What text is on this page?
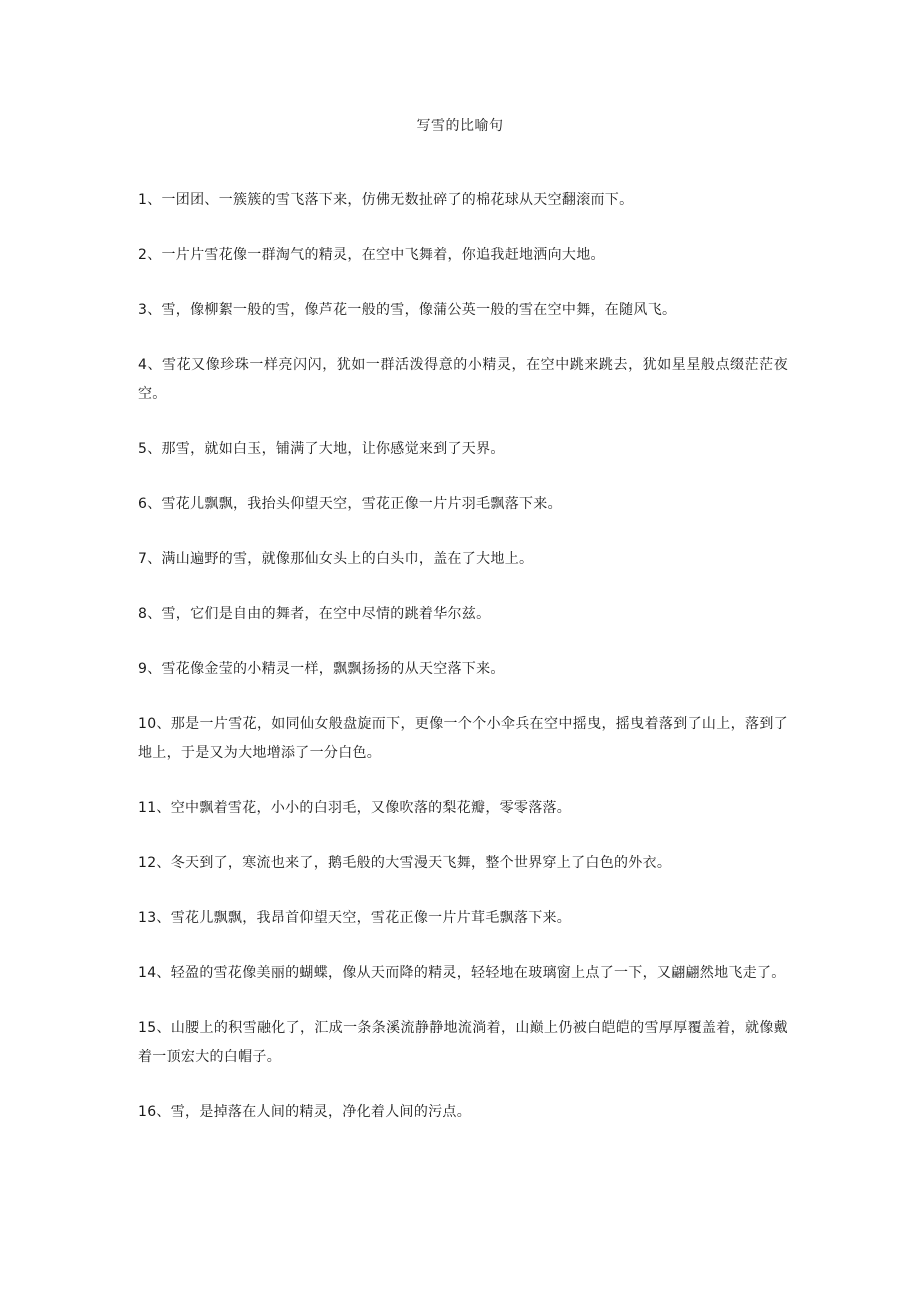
写雪的比喻句

1、一团团、一簇簇的雪飞落下来，仿佛无数扯碎了的棉花球从天空翻滚而下。

2、一片片雪花像一群淘气的精灵，在空中飞舞着，你追我赶地洒向大地。

3、雪，像柳絮一般的雪，像芦花一般的雪，像蒲公英一般的雪在空中舞，在随风飞。

4、雪花又像珍珠一样亮闪闪，犹如一群活泼得意的小精灵，在空中跳来跳去，犹如星星般点缀茫茫夜空。

5、那雪，就如白玉，铺满了大地，让你感觉来到了天界。

6、雪花儿飘飘，我抬头仰望天空，雪花正像一片片羽毛飘落下来。

7、满山遍野的雪，就像那仙女头上的白头巾，盖在了大地上。

8、雪，它们是自由的舞者，在空中尽情的跳着华尔兹。

9、雪花像金莹的小精灵一样，飘飘扬扬的从天空落下来。

10、那是一片雪花，如同仙女般盘旋而下，更像一个个小伞兵在空中摇曳，摇曳着落到了山上，落到了地上，于是又为大地增添了一分白色。

11、空中飘着雪花，小小的白羽毛，又像吹落的梨花瓣，零零落落。

12、冬天到了，寒流也来了，鹅毛般的大雪漫天飞舞，整个世界穿上了白色的外衣。

13、雪花儿飘飘，我昂首仰望天空，雪花正像一片片茸毛飘落下来。

14、轻盈的雪花像美丽的蝴蝶，像从天而降的精灵，轻轻地在玻璃窗上点了一下，又翩翩然地飞走了。

15、山腰上的积雪融化了，汇成一条条溪流静静地流淌着，山巅上仍被白皑皑的雪厚厚覆盖着，就像戴着一顶宏大的白帽子。

16、雪，是掉落在人间的精灵，净化着人间的污点。
